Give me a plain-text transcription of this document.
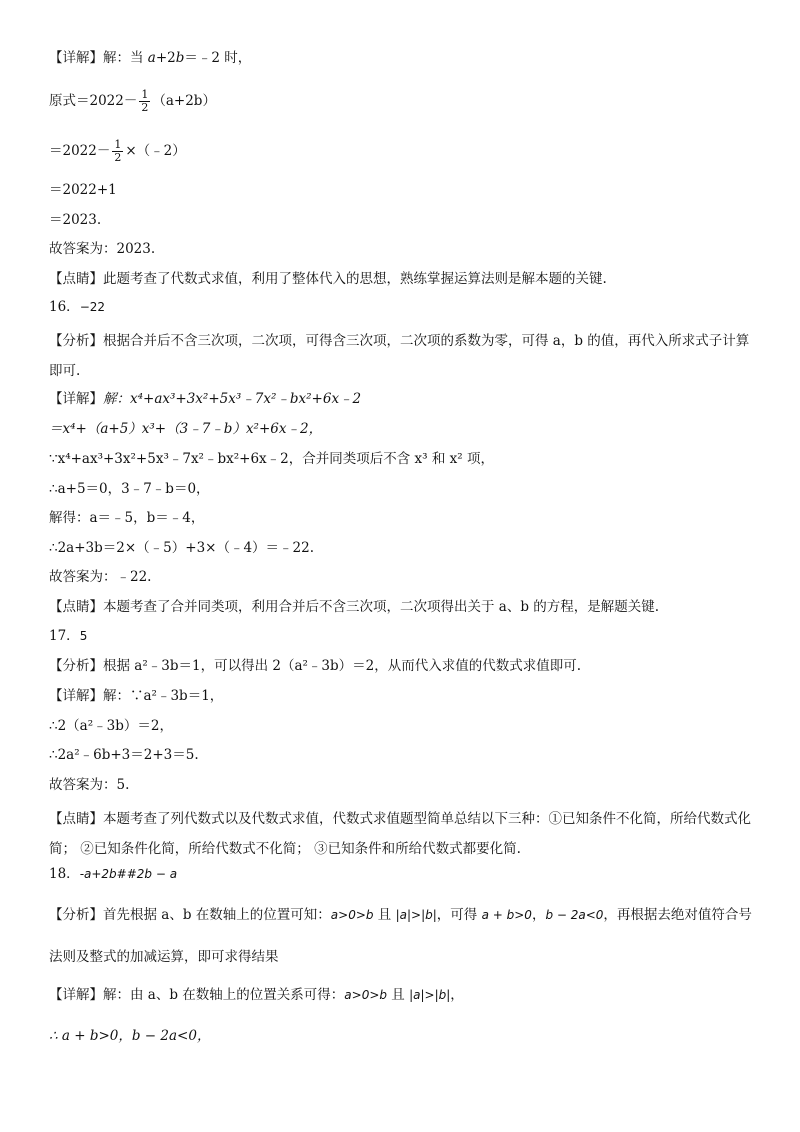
【详解】解：当 a+2b＝﹣2 时，
原式$=2022- \frac{1}{2} (a+2b)$
$=2022- \frac{1}{2}$ ×（﹣2）
＝2022+1
＝2023.
故答案为：2023.
【点睛】此题考查了代数式求值，利用了整体代入的思想，熟练掌握运算法则是解本题的关键.
16．−22
【分析】根据合并后不含三次项，二次项，可得含三次项，二次项的系数为零，可得 a，b 的值，再代入所求式子计算即可.
【详解】解：x⁴+ax³+3x²+5x³﹣7x²﹣bx²+6x﹣2
＝x⁴+（a+5）x³+（3﹣7﹣b）x²+6x﹣2，
∵x⁴+ax³+3x²+5x³﹣7x²﹣bx²+6x﹣2，合并同类项后不含 x³ 和 x² 项，
∴a+5＝0，3﹣7﹣b＝0，
解得：a＝﹣5，b＝﹣4，
∴2a+3b＝2×（﹣5）+3×（﹣4）＝﹣22.
故答案为：﹣22.
【点睛】本题考查了合并同类项，利用合并后不含三次项，二次项得出关于 a、b 的方程，是解题关键.
17．5
【分析】根据 a²﹣3b＝1，可以得出 2（a²﹣3b）＝2，从而代入求值的代数式求值即可.
【详解】解：∵a²﹣3b＝1，
∴2（a²﹣3b）＝2，
∴2a²﹣6b+3＝2+3＝5.
故答案为：5.
【点睛】本题考查了列代数式以及代数式求值，代数式求值题型简单总结以下三种：①已知条件不化简，所给代数式化简； ②已知条件化简，所给代数式不化简； ③已知条件和所给代数式都要化简.
18．-a+2b##2b − a
【分析】首先根据 a、b 在数轴上的位置可知：a>0>b 且 |a|>|b|，可得 a + b>0，b − 2a<0，再根据去绝对值符合号
法则及整式的加减运算，即可求得结果
【详解】解：由 a、b 在数轴上的位置关系可得：a>0>b 且 |a|>|b|，
∴ a + b>0，b − 2a<0，
